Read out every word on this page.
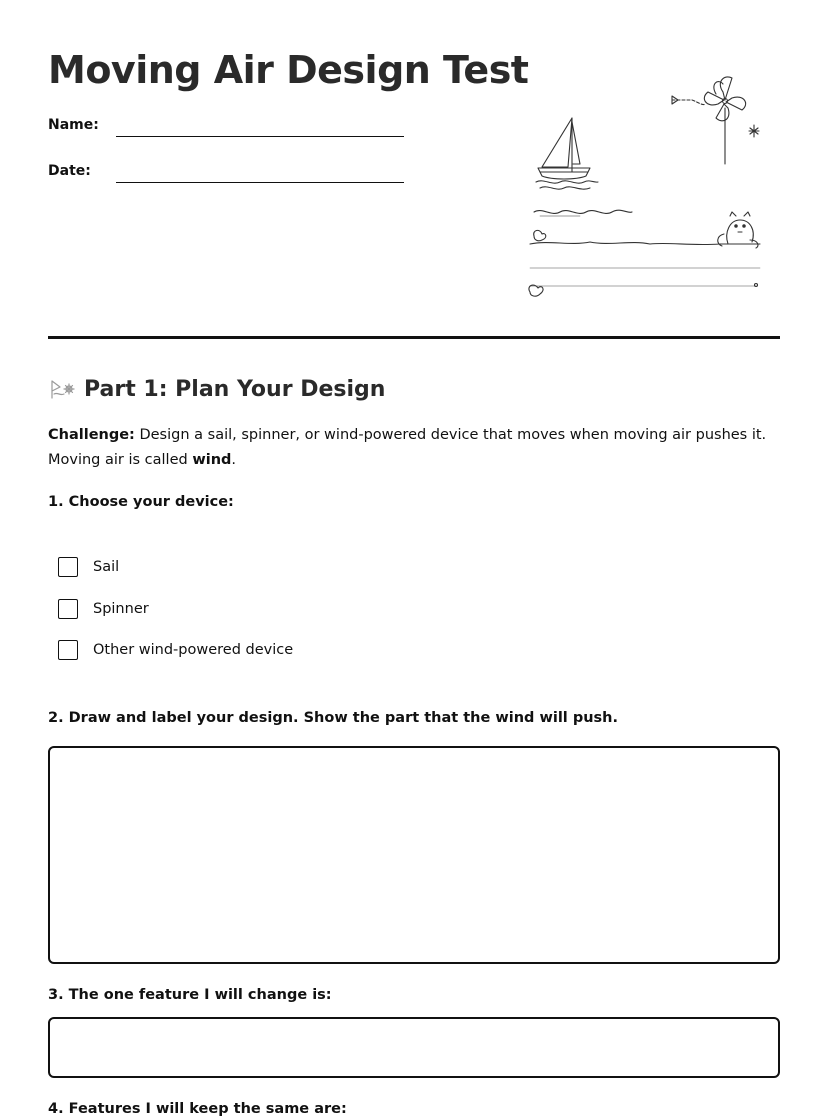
Moving Air Design Test
Name:
Date:
Part 1: Plan Your Design
Challenge: Design a sail, spinner, or wind-powered device that moves when moving air pushes it. Moving air is called wind.
1. Choose your device:
Sail
Spinner
Other wind-powered device
2. Draw and label your design. Show the part that the wind will push.
3. The one feature I will change is:
4. Features I will keep the same are:
